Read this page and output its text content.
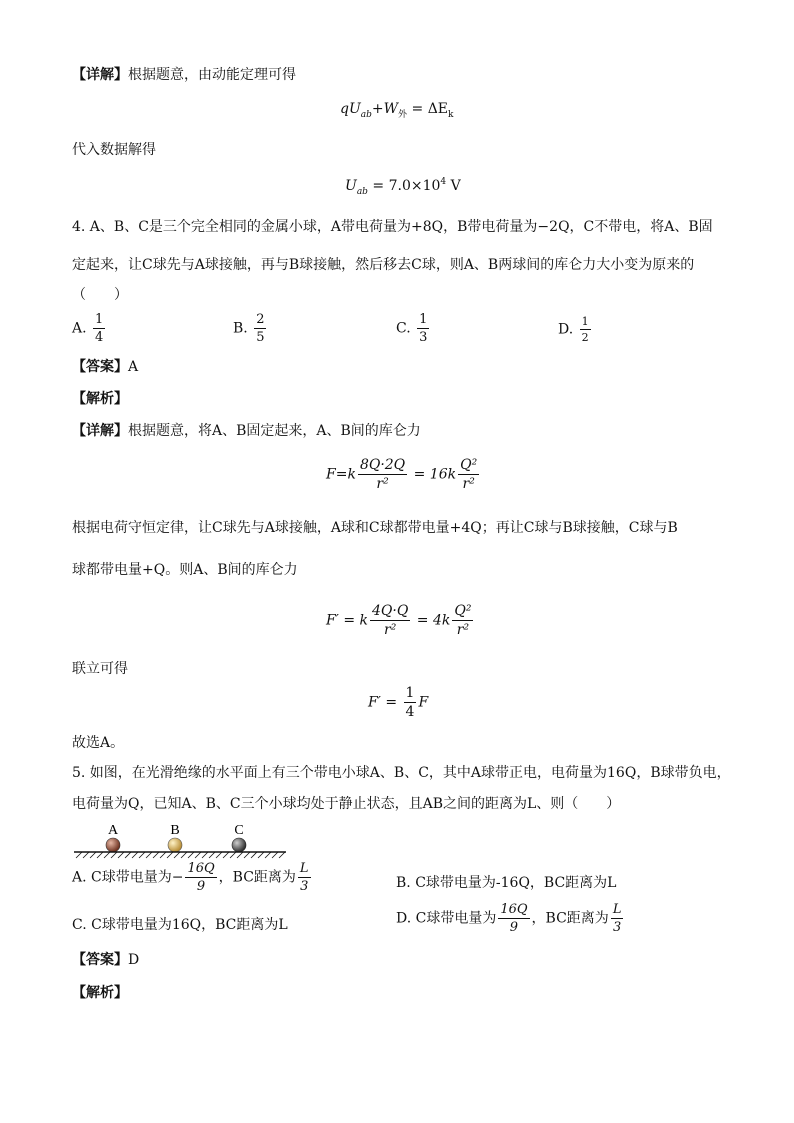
【详解】根据题意，由动能定理可得
$qU_{ab}+W_外 = \Delta E_k$
代入数据解得
$U_{ab} = 7.0\times 10^4$ V
4. A、B、C是三个完全相同的金属小球，A带电荷量为+8Q，B带电荷量为−2Q，C不带电，将A、B固
定起来，让C球先与A球接触，再与B球接触，然后移去C球，则A、B两球间的库仑力大小变为原来的
（　　）
A. $\frac{1}{4}$	B. $\frac{2}{5}$	C. $\frac{1}{3}$	D. $\frac{1}{2}$
【答案】A
【解析】
【详解】根据题意，将A、B固定起来，A、B间的库仑力
$F=k \frac{8Q\cdot 2Q}{\text{r²}} = 16k \frac{\text{Q²}}{\text{r²}}$
根据电荷守恒定律，让C球先与A球接触，A球和C球都带电量+4Q；再让C球与B球接触，C球与B
球都带电量+Q。则A、B间的库仑力
F′ = k $\frac{4Q\cdot Q}{\text{r²}} = 4k \frac{\text{Q²}}{\text{r²}}$
联立可得
$F' = \frac{1}{4}$ F
故选A。
5. 如图，在光滑绝缘的水平面上有三个带电小球A、B、C，其中A球带正电，电荷量为16Q，B球带负电，
电荷量为Q，已知A、B、C三个小球均处于静止状态，且AB之间的距离为L、则（　　）
A	B	C
A. C球带电量为− $\frac{16Q}{9}$ ，BC距离为 $\frac{L}{3}$	B. C球带电量为-16Q，BC距离为L
C. C球带电量为16Q，BC距离为L	D. C球带电量为 $\frac{16Q}{9}$ ，BC距离为 $\frac{L}{3}$
【答案】D
【解析】
